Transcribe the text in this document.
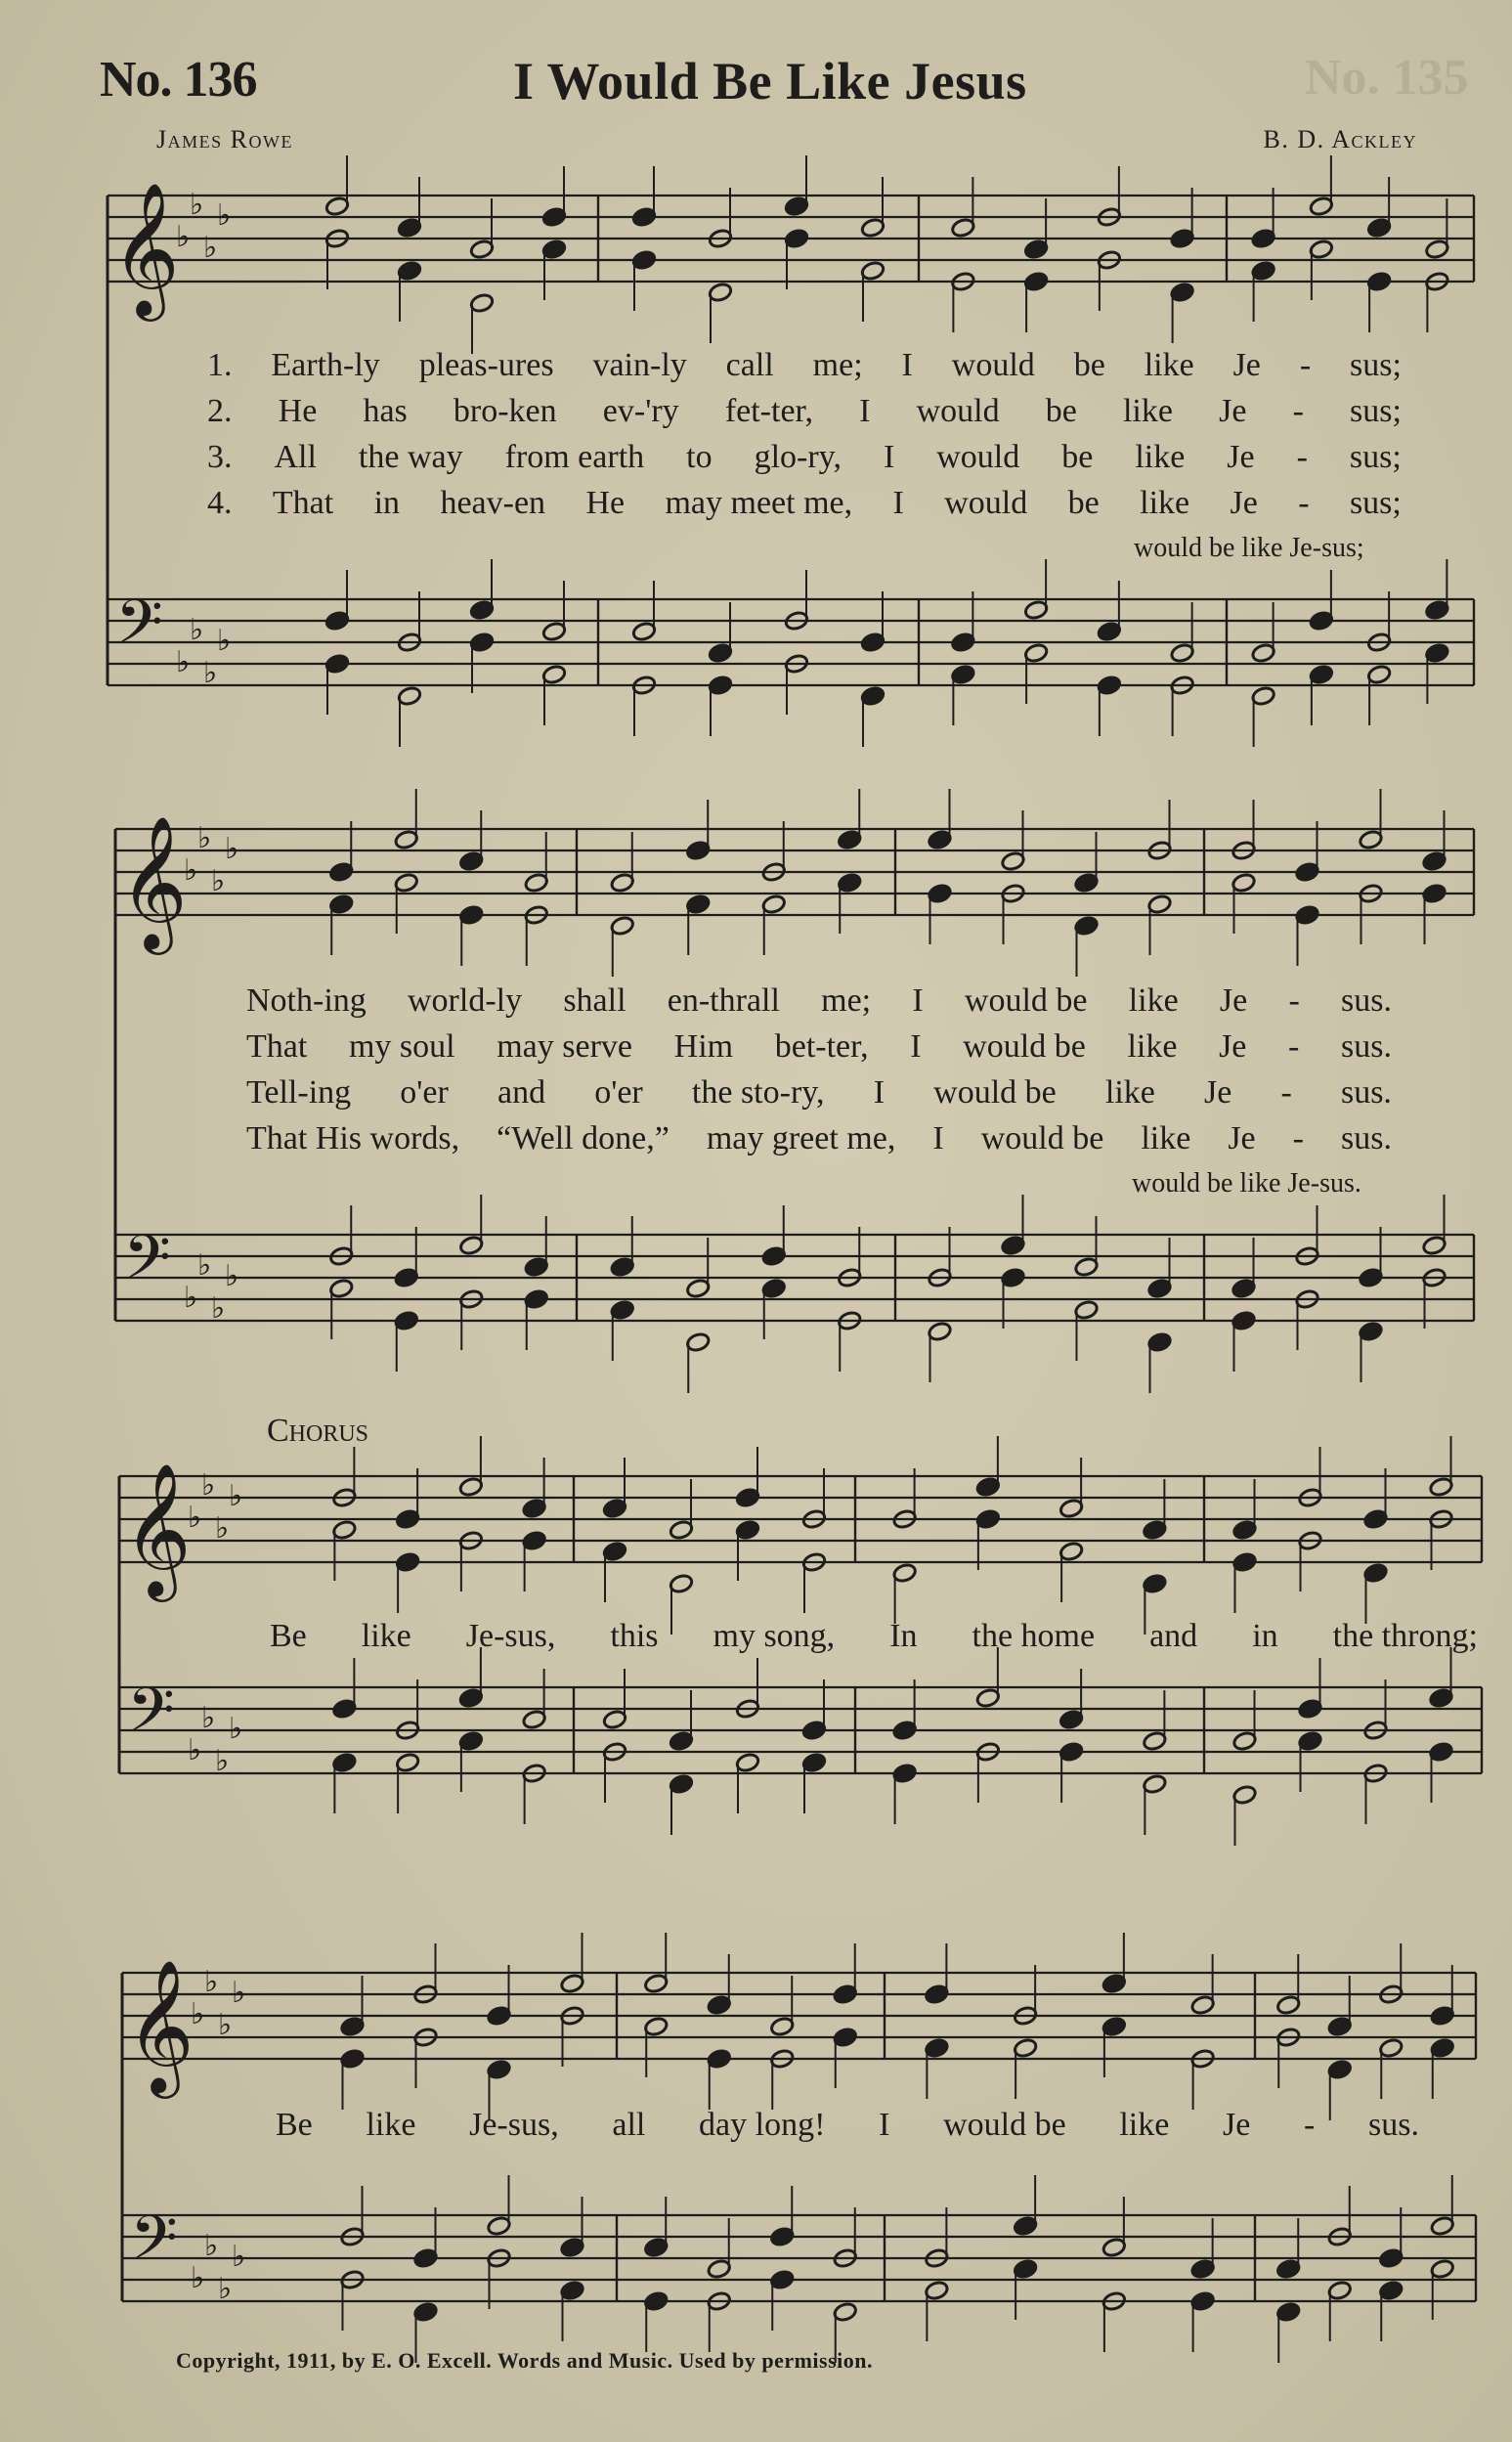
No. 135
No. 136	I Would Be Like Jesus
James Rowe	B. D. Ackley
𝄞
𝄢
♭
♭
♭
♭
♭
♭
♭
♭
𝄞
𝄢
♭
♭
♭
♭
♭
♭
♭
♭
𝄞
𝄢
♭
♭
♭
♭
♭
♭
♭
♭
𝄞
𝄢
♭
♭
♭
♭
♭
♭
♭
♭
1. Earth-ly pleas-ures vain-ly call me; I would be like Je - sus;
2. He has bro-ken ev-'ry fet-ter, I would be like Je - sus;
3. All the way from earth to glo-ry, I would be like Je - sus;
4. That in heav-en He may meet me, I would be like Je - sus;
would be like Je-sus;
Noth-ing world-ly shall en-thrall me; I would be like Je - sus.
That my soul may serve Him bet-ter, I would be like Je - sus.
Tell-ing o'er and o'er the sto-ry, I would be like Je - sus.
That His words, “Well done,” may greet me, I would be like Je - sus.
would be like Je-sus.
Chorus
Be like Je-sus, this my song, In the home and in the throng;
Be like Je-sus, all day long! I would be like Je - sus.
Copyright, 1911, by E. O. Excell. Words and Music. Used by permission.
